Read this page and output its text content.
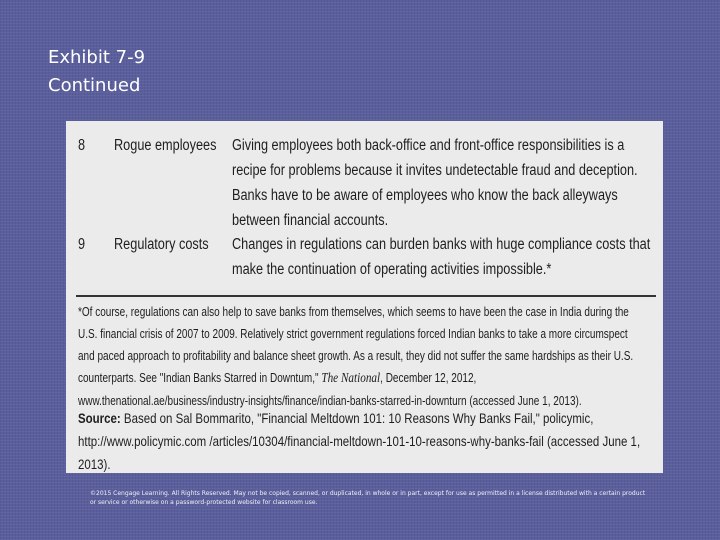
Exhibit 7-9
Continued
8 Rogue employees Giving employees both back-office and front-office responsibilities is a recipe for problems because it invites undetectable fraud and deception. Banks have to be aware of employees who know the back alleyways between financial accounts.
9 Regulatory costs Changes in regulations can burden banks with huge compliance costs that make the continuation of operating activities impossible.*
*Of course, regulations can also help to save banks from themselves, which seems to have been the case in India during the U.S. financial crisis of 2007 to 2009. Relatively strict government regulations forced Indian banks to take a more circumspect and paced approach to profitability and balance sheet growth. As a result, they did not suffer the same hardships as their U.S. counterparts. See "Indian Banks Starred in Downtum," The National, December 12, 2012, www.thenational.ae/business/industry-insights/finance/indian-banks-starred-in-downturn (accessed June 1, 2013).
Source: Based on Sal Bommarito, "Financial Meltdown 101: 10 Reasons Why Banks Fail," policymic, http://www.policymic.com /articles/10304/financial-meltdown-101-10-reasons-why-banks-fail (accessed June 1, 2013).
©2015 Cengage Learning. All Rights Reserved. May not be copied, scanned, or duplicated, in whole or in part, except for use as permitted in a license distributed with a certain product or service or otherwise on a password-protected website for classroom use.
